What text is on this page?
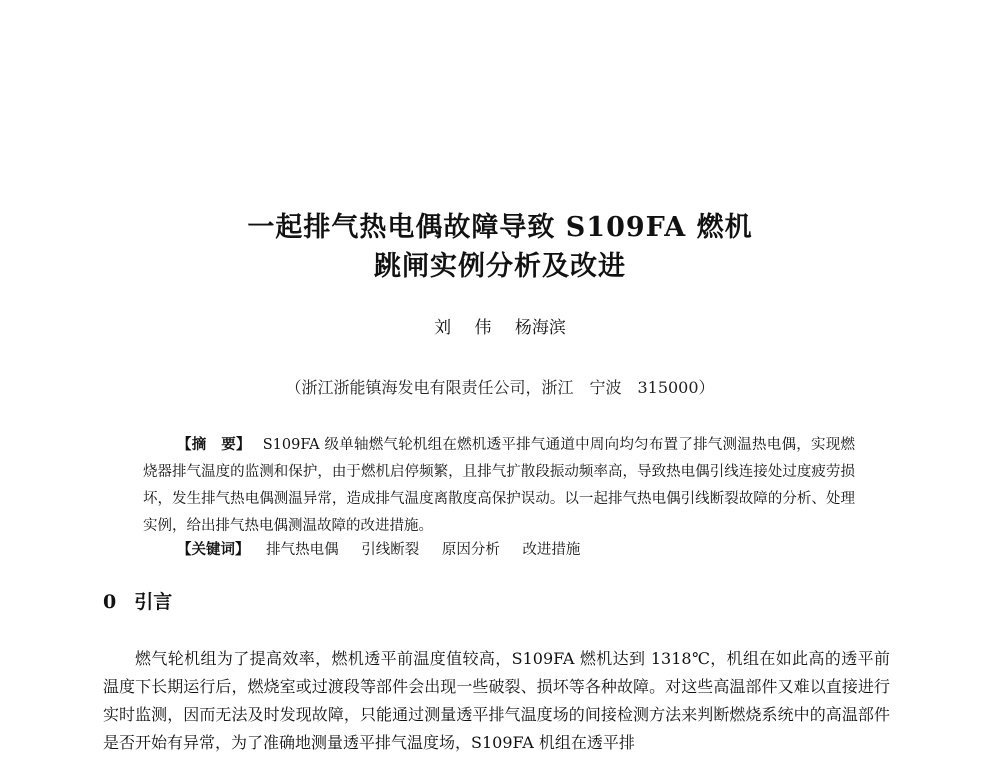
一起排气热电偶故障导致 S109FA 燃机
跳闸实例分析及改进
刘 伟 杨海滨
（浙江浙能镇海发电有限责任公司，浙江　宁波　315000）

【摘　要】 S109FA 级单轴燃气轮机组在燃机透平排气通道中周向均匀布置了排气测温热电偶，实现燃烧器排气温度的监测和保护，由于燃机启停频繁，且排气扩散段振动频率高，导致热电偶引线连接处过度疲劳损坏，发生排气热电偶测温异常，造成排气温度离散度高保护误动。以一起排气热电偶引线断裂故障的分析、处理实例，给出排气热电偶测温故障的改进措施。

【关键词】 排气热电偶 引线断裂 原因分析 改进措施
0 引言

燃气轮机组为了提高效率，燃机透平前温度值较高，S109FA 燃机达到 1318℃，机组在如此高的透平前温度下长期运行后，燃烧室或过渡段等部件会出现一些破裂、损坏等各种故障。对这些高温部件又难以直接进行实时监测，因而无法及时发现故障，只能通过测量透平排气温度场的间接检测方法来判断燃烧系统中的高温部件是否开始有异常，为了准确地测量透平排气温度场，S109FA 机组在透平排
